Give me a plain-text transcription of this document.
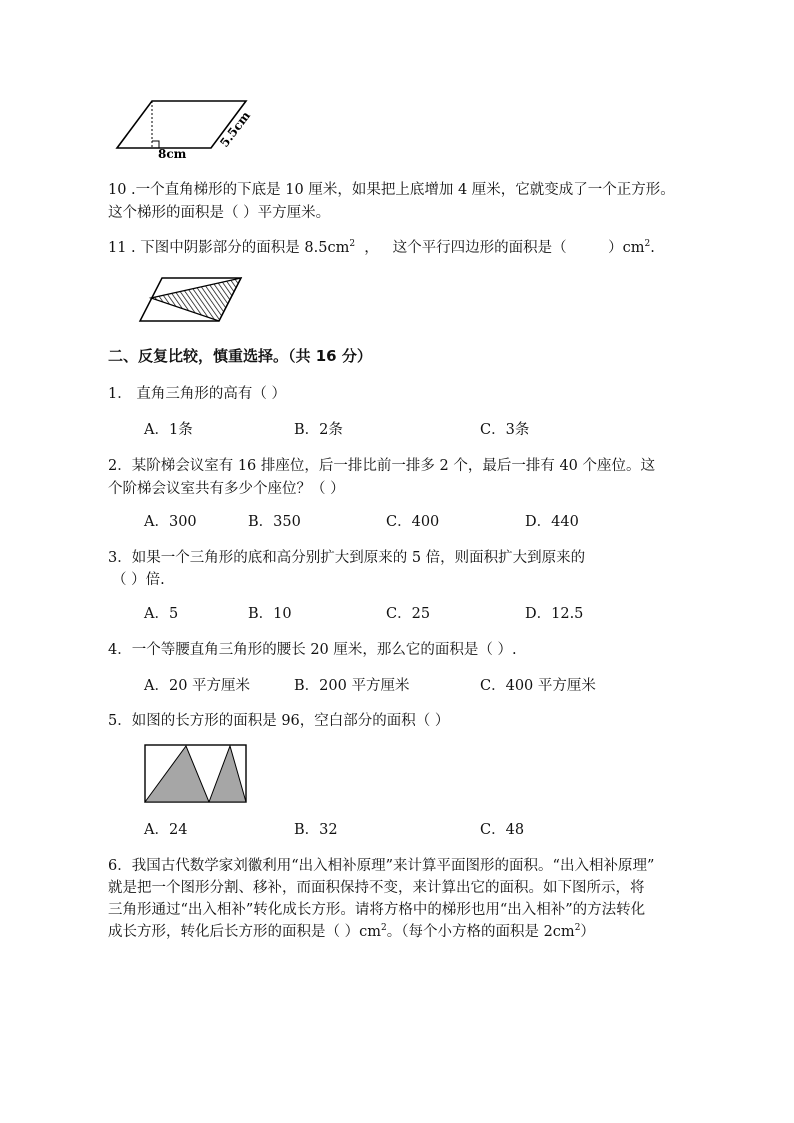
8cm
5.5cm
10 .一个直角梯形的下底是 10 厘米，如果把上底增加 4 厘米，它就变成了一个正方形。
这个梯形的面积是（ ）平方厘米。
11 . 下图中阴影部分的面积是 $8.5cm^2$  ，   这个平行四边形的面积是（         ）$cm^2$.
二、反复比较，慎重选择。（共 16 分）
1． 直角三角形的高有（ ）
A．1条	B．2条	C．3条
2．某阶梯会议室有 16 排座位，后一排比前一排多 2 个，最后一排有 40 个座位。这
个阶梯会议室共有多少个座位？（ ）
A．300	B．350	C．400	D．440
3．如果一个三角形的底和高分别扩大到原来的 5 倍，则面积扩大到原来的
（ ）倍.
A．5	B．10	C．25	D．12.5
4．一个等腰直角三角形的腰长 20 厘米，那么它的面积是（ ）.
A．20 平方厘米	B．200 平方厘米	C．400 平方厘米
5．如图的长方形的面积是 96，空白部分的面积（ ）
A．24	B．32	C．48
6．我国古代数学家刘徽利用“出入相补原理”来计算平面图形的面积。“出入相补原理”
就是把一个图形分割、移补，而面积保持不变，来计算出它的面积。如下图所示，将
三角形通过“出入相补”转化成长方形。请将方格中的梯形也用“出入相补”的方法转化
成长方形，转化后长方形的面积是（ ）$cm^2$。（每个小方格的面积是 $2cm^2$）
